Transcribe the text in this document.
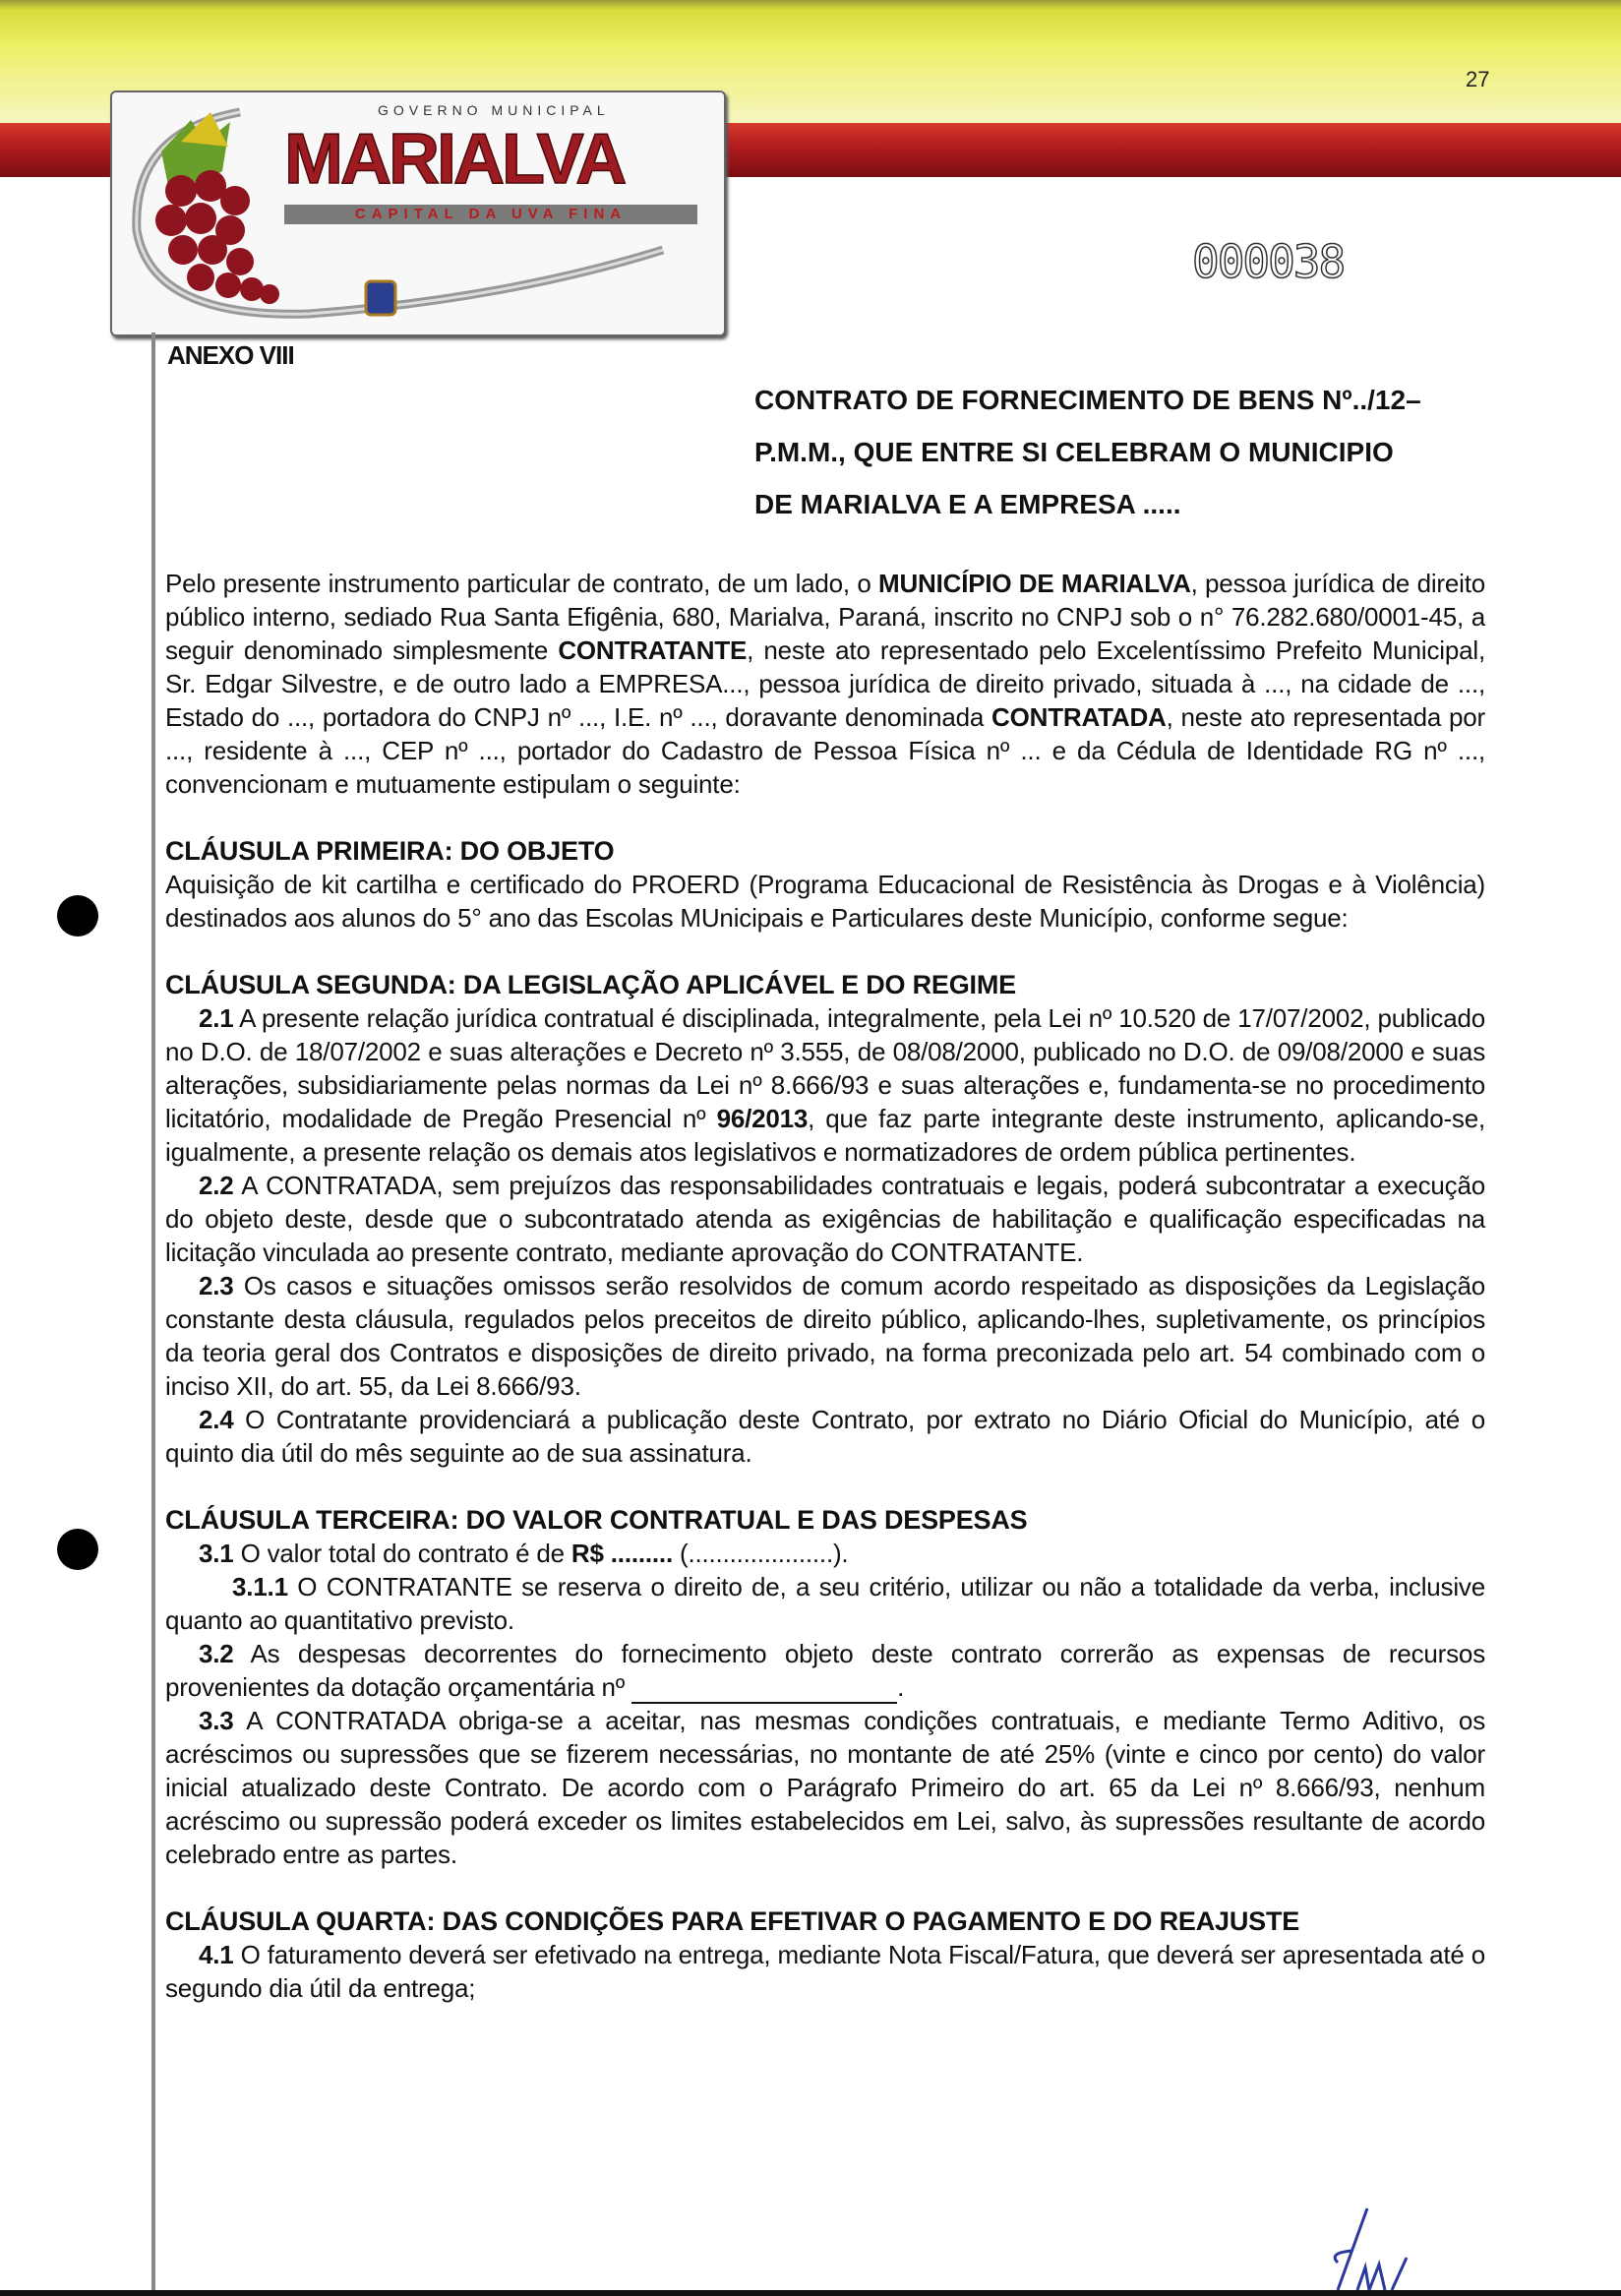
27
GOVERNO MUNICIPAL
MARIALVA
CAPITAL DA UVA FINA
000038
ANEXO VIII
CONTRATO DE FORNECIMENTO DE BENS Nº../12–
P.M.M., QUE ENTRE SI CELEBRAM O MUNICIPIO
DE MARIALVA E A EMPRESA .....

Pelo presente instrumento particular de contrato, de um lado, o MUNICÍPIO DE MARIALVA, pessoa jurídica de direito público interno, sediado Rua Santa Efigênia, 680, Marialva, Paraná, inscrito no CNPJ sob o n° 76.282.680/0001-45, a seguir denominado simplesmente CONTRATANTE, neste ato representado pelo Excelentíssimo Prefeito Municipal, Sr. Edgar Silvestre, e de outro lado a EMPRESA..., pessoa jurídica de direito privado, situada à ..., na cidade de ..., Estado do ..., portadora do CNPJ nº ..., I.E. nº ..., doravante denominada CONTRATADA, neste ato representada por ..., residente à ..., CEP nº ..., portador do Cadastro de Pessoa Física nº ... e da Cédula de Identidade RG nº ..., convencionam e mutuamente estipulam o seguinte:

CLÁUSULA PRIMEIRA: DO OBJETO

Aquisição de kit cartilha e certificado do PROERD (Programa Educacional de Resistência às Drogas e à Violência) destinados aos alunos do 5° ano das Escolas MUnicipais e Particulares deste Município, conforme segue:

CLÁUSULA SEGUNDA: DA LEGISLAÇÃO APLICÁVEL E DO REGIME

2.1 A presente relação jurídica contratual é disciplinada, integralmente, pela Lei nº 10.520 de 17/07/2002, publicado no D.O. de 18/07/2002 e suas alterações e Decreto nº 3.555, de 08/08/2000, publicado no D.O. de 09/08/2000 e suas alterações, subsidiariamente pelas normas da Lei nº 8.666/93 e suas alterações e, fundamenta-se no procedimento licitatório, modalidade de Pregão Presencial nº 96/2013, que faz parte integrante deste instrumento, aplicando-se, igualmente, a presente relação os demais atos legislativos e normatizadores de ordem pública pertinentes.

2.2 A CONTRATADA, sem prejuízos das responsabilidades contratuais e legais, poderá subcontratar a execução do objeto deste, desde que o subcontratado atenda as exigências de habilitação e qualificação especificadas na licitação vinculada ao presente contrato, mediante aprovação do CONTRATANTE.

2.3 Os casos e situações omissos serão resolvidos de comum acordo respeitado as disposições da Legislação constante desta cláusula, regulados pelos preceitos de direito público, aplicando-lhes, supletivamente, os princípios da teoria geral dos Contratos e disposições de direito privado, na forma preconizada pelo art. 54 combinado com o inciso XII, do art. 55, da Lei 8.666/93.

2.4 O Contratante providenciará a publicação deste Contrato, por extrato no Diário Oficial do Município, até o quinto dia útil do mês seguinte ao de sua assinatura.

CLÁUSULA TERCEIRA: DO VALOR CONTRATUAL E DAS DESPESAS

3.1 O valor total do contrato é de R$ ......... (.....................).

3.1.1 O CONTRATANTE se reserva o direito de, a seu critério, utilizar ou não a totalidade da verba, inclusive quanto ao quantitativo previsto.

3.2 As despesas decorrentes do fornecimento objeto deste contrato correrão as expensas de recursos provenientes da dotação orçamentária nº	.

3.3 A CONTRATADA obriga-se a aceitar, nas mesmas condições contratuais, e mediante Termo Aditivo, os acréscimos ou supressões que se fizerem necessárias, no montante de até 25% (vinte e cinco por cento) do valor inicial atualizado deste Contrato. De acordo com o Parágrafo Primeiro do art. 65 da Lei nº 8.666/93, nenhum acréscimo ou supressão poderá exceder os limites estabelecidos em Lei, salvo, às supressões resultante de acordo celebrado entre as partes.

CLÁUSULA QUARTA: DAS CONDIÇÕES PARA EFETIVAR O PAGAMENTO E DO REAJUSTE

4.1 O faturamento deverá ser efetivado na entrega, mediante Nota Fiscal/Fatura, que deverá ser apresentada até o segundo dia útil da entrega;
